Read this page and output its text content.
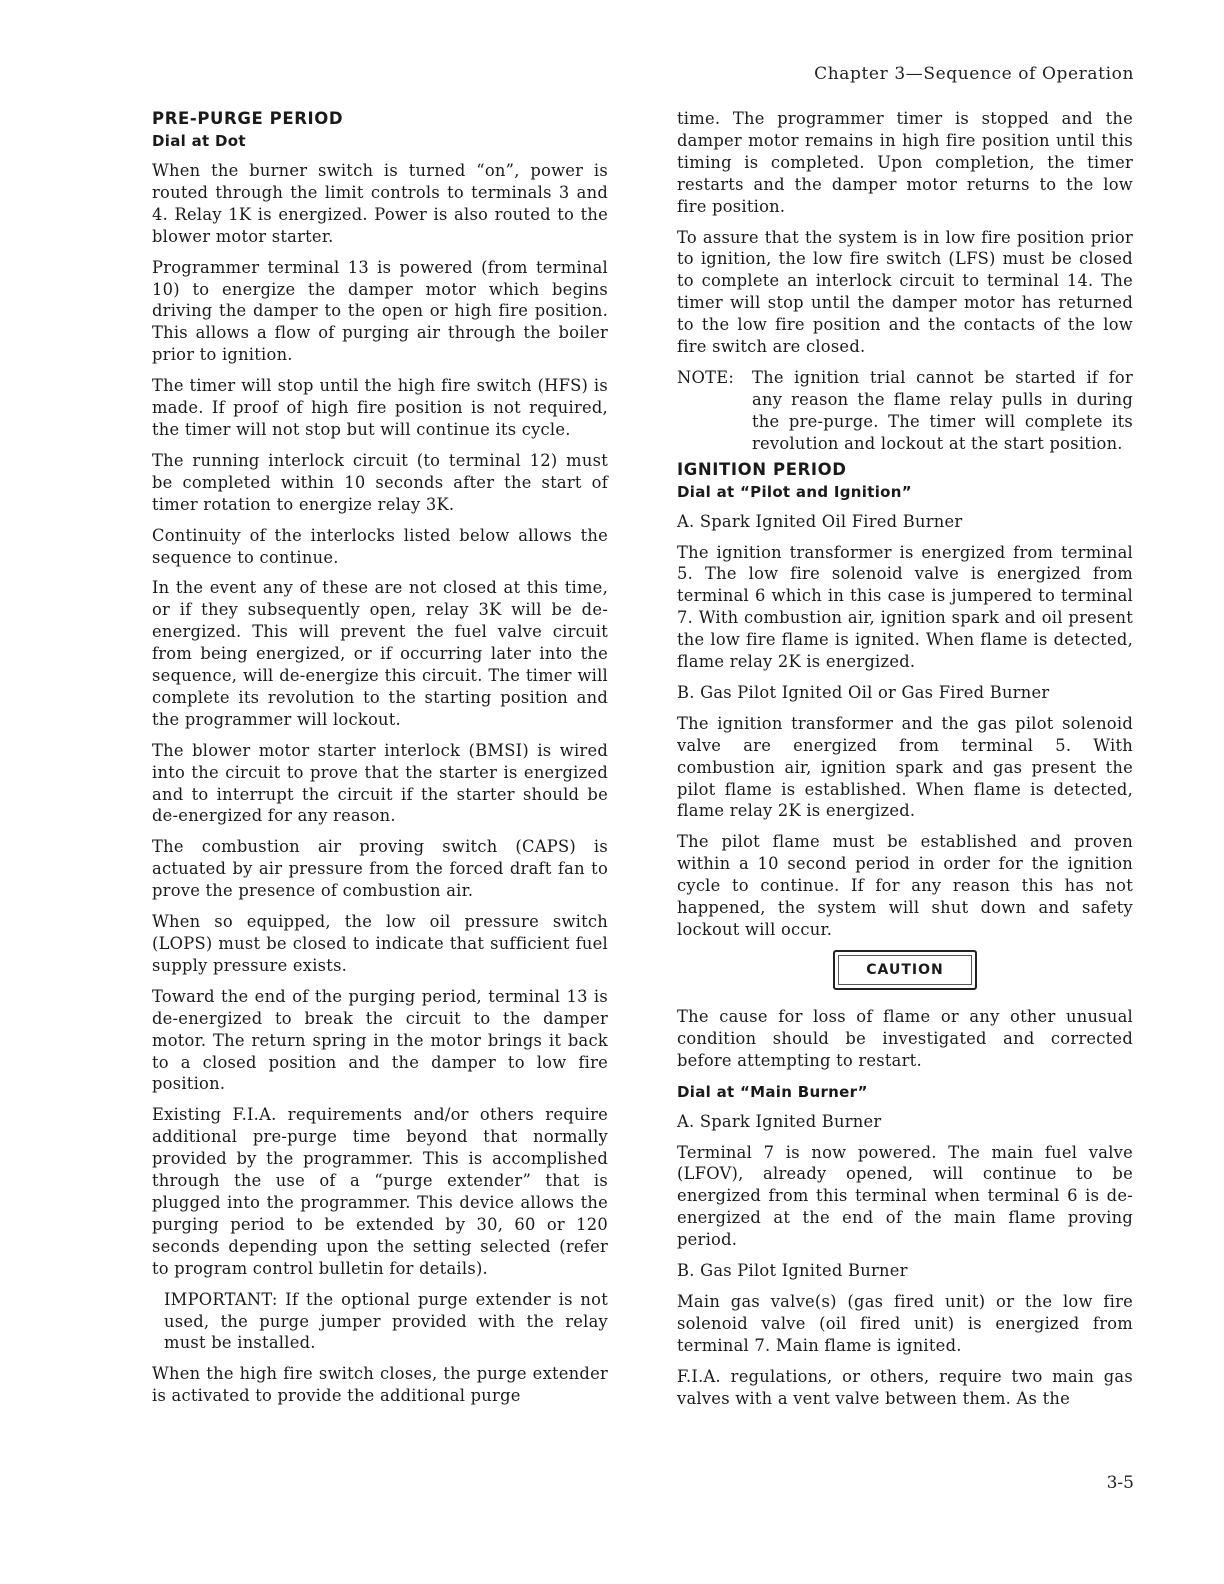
Chapter 3—Sequence of Operation
PRE-PURGE PERIOD
Dial at Dot

When the burner switch is turned “on”, power is routed through the limit controls to terminals 3 and 4. Relay 1K is energized. Power is also routed to the blower motor starter.

Programmer terminal 13 is powered (from terminal 10) to energize the damper motor which begins driving the damper to the open or high fire position. This allows a flow of purging air through the boiler prior to ignition.

The timer will stop until the high fire switch (HFS) is made. If proof of high fire position is not required, the timer will not stop but will continue its cycle.

The running interlock circuit (to terminal 12) must be completed within 10 seconds after the start of timer rotation to energize relay 3K.

Continuity of the interlocks listed below allows the sequence to continue.

In the event any of these are not closed at this time, or if they subsequently open, relay 3K will be de-energized. This will prevent the fuel valve circuit from being energized, or if occurring later into the sequence, will de-energize this circuit. The timer will complete its revolution to the starting position and the programmer will lockout.

The blower motor starter interlock (BMSI) is wired into the circuit to prove that the starter is energized and to interrupt the circuit if the starter should be de-energized for any reason.

The combustion air proving switch (CAPS) is actuated by air pressure from the forced draft fan to prove the presence of combustion air.

When so equipped, the low oil pressure switch (LOPS) must be closed to indicate that sufficient fuel supply pressure exists.

Toward the end of the purging period, terminal 13 is de-energized to break the circuit to the damper motor. The return spring in the motor brings it back to a closed position and the damper to low fire position.

Existing F.I.A. requirements and/or others require additional pre-purge time beyond that normally provided by the programmer. This is accomplished through the use of a “purge extender” that is plugged into the programmer. This device allows the purging period to be extended by 30, 60 or 120 seconds depending upon the setting selected (refer to program control bulletin for details).

IMPORTANT: If the optional purge extender is not used, the purge jumper provided with the relay must be installed.

When the high fire switch closes, the purge extender is activated to provide the additional purge

time. The programmer timer is stopped and the damper motor remains in high fire position until this timing is completed. Upon completion, the timer restarts and the damper motor returns to the low fire position.

To assure that the system is in low fire position prior to ignition, the low fire switch (LFS) must be closed to complete an interlock circuit to terminal 14. The timer will stop until the damper motor has returned to the low fire position and the contacts of the low fire switch are closed.

NOTE:	The ignition trial cannot be started if for any reason the flame relay pulls in during the pre-purge. The timer will complete its revolution and lockout at the start position.
IGNITION PERIOD
Dial at “Pilot and Ignition”

A. Spark Ignited Oil Fired Burner

The ignition transformer is energized from terminal 5. The low fire solenoid valve is energized from terminal 6 which in this case is jumpered to terminal 7. With combustion air, ignition spark and oil present the low fire flame is ignited. When flame is detected, flame relay 2K is energized.

B. Gas Pilot Ignited Oil or Gas Fired Burner

The ignition transformer and the gas pilot solenoid valve are energized from terminal 5. With combustion air, ignition spark and gas present the pilot flame is established. When flame is detected, flame relay 2K is energized.

The pilot flame must be established and proven within a 10 second period in order for the ignition cycle to continue. If for any reason this has not happened, the system will shut down and safety lockout will occur.

CAUTION

The cause for loss of flame or any other unusual condition should be investigated and corrected before attempting to restart.

Dial at “Main Burner”

A. Spark Ignited Burner

Terminal 7 is now powered. The main fuel valve (LFOV), already opened, will continue to be energized from this terminal when terminal 6 is de-energized at the end of the main flame proving period.

B. Gas Pilot Ignited Burner

Main gas valve(s) (gas fired unit) or the low fire solenoid valve (oil fired unit) is energized from terminal 7. Main flame is ignited.

F.I.A. regulations, or others, require two main gas valves with a vent valve between them. As the

3-5
